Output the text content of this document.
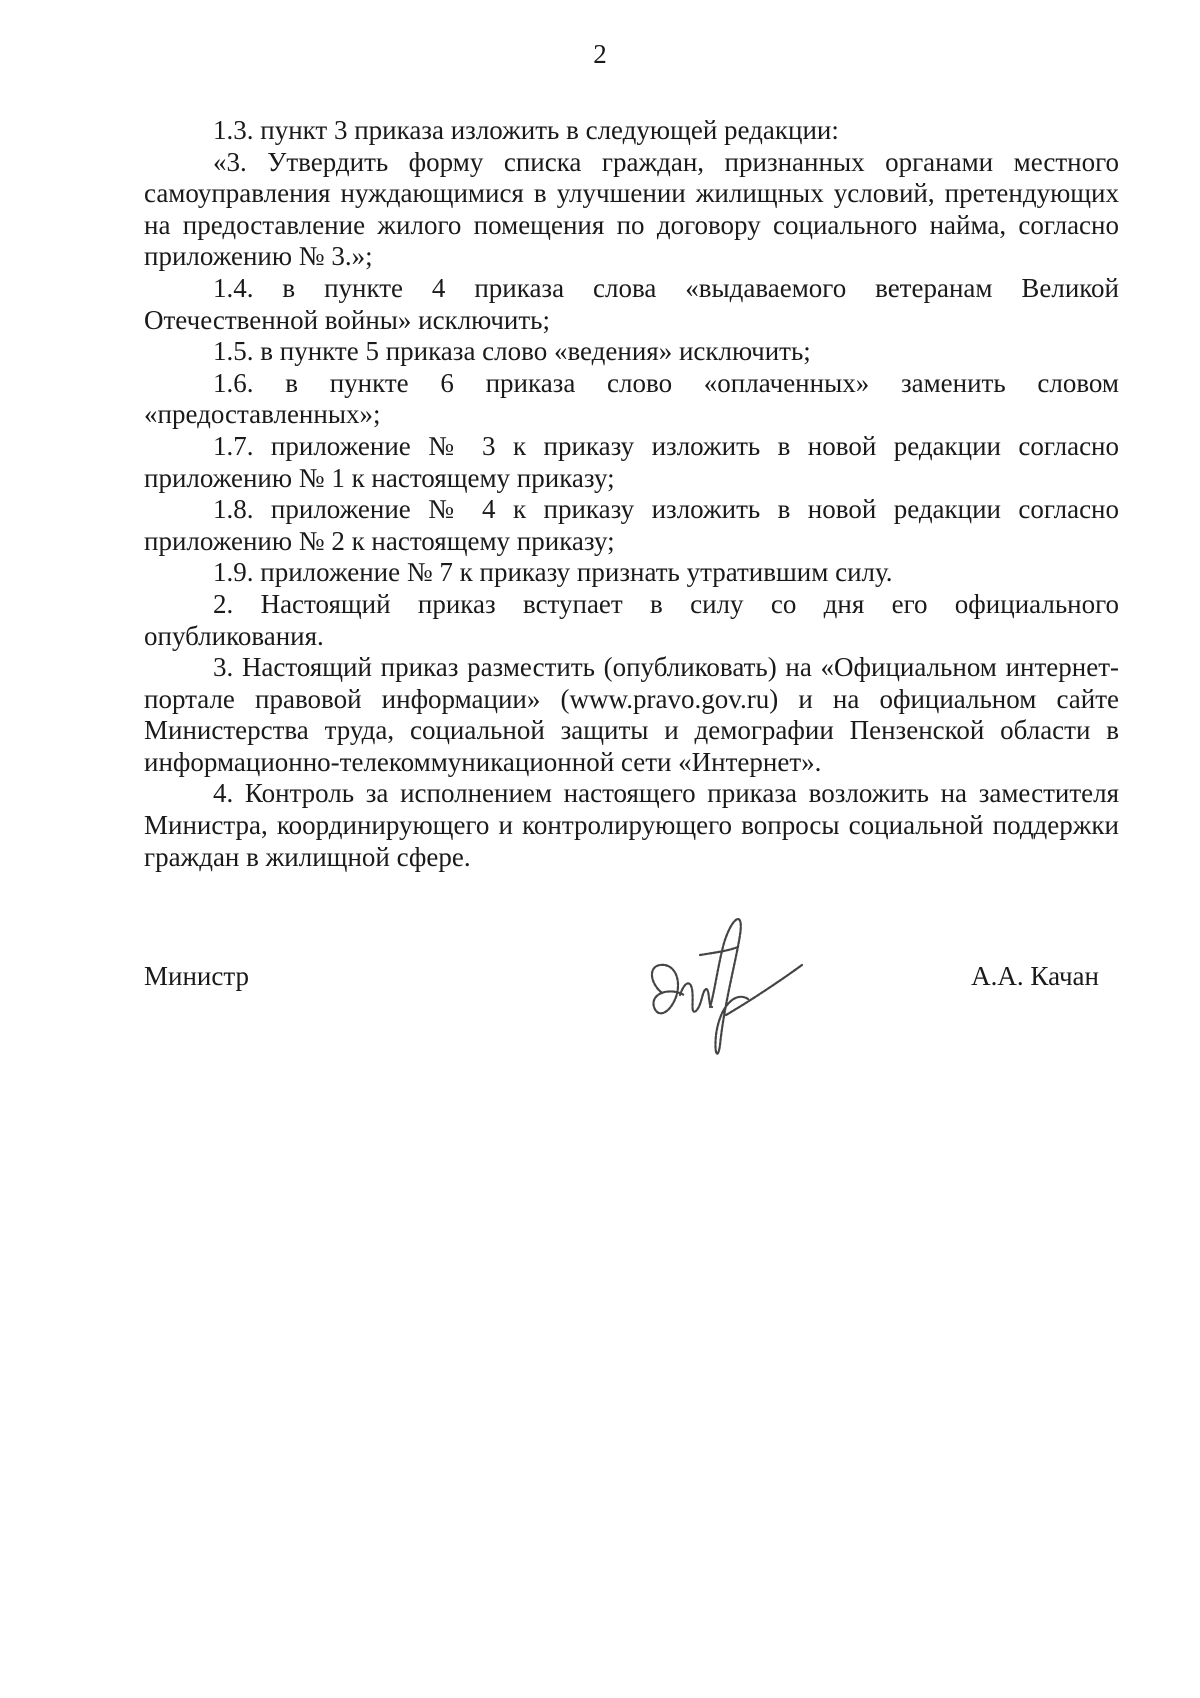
2

1.3. пункт 3 приказа изложить в следующей редакции:

«3. Утвердить форму списка граждан, признанных органами местного самоуправления нуждающимися в улучшении жилищных условий, претендующих на предоставление жилого помещения по договору социального найма, согласно приложению № 3.»;

1.4. в пункте 4 приказа слова «выдаваемого ветеранам Великой Отечественной войны» исключить;

1.5. в пункте 5 приказа слово «ведения» исключить;

1.6. в пункте 6 приказа слово «оплаченных» заменить словом «предоставленных»;

1.7. приложение № 3 к приказу изложить в новой редакции согласно приложению № 1 к настоящему приказу;

1.8. приложение № 4 к приказу изложить в новой редакции согласно приложению № 2 к настоящему приказу;

1.9. приложение № 7 к приказу признать утратившим силу.

2. Настоящий приказ вступает в силу со дня его официального опубликования.

3. Настоящий приказ разместить (опубликовать) на «Официальном интернет-портале правовой информации» (www.pravo.gov.ru) и на официальном сайте Министерства труда, социальной защиты и демографии Пензенской области в информационно-телекоммуникационной сети «Интернет».

4. Контроль за исполнением настоящего приказа возложить на заместителя Министра, координирующего и контролирующего вопросы социальной поддержки граждан в жилищной сфере.

Министр	А.А. Качан
